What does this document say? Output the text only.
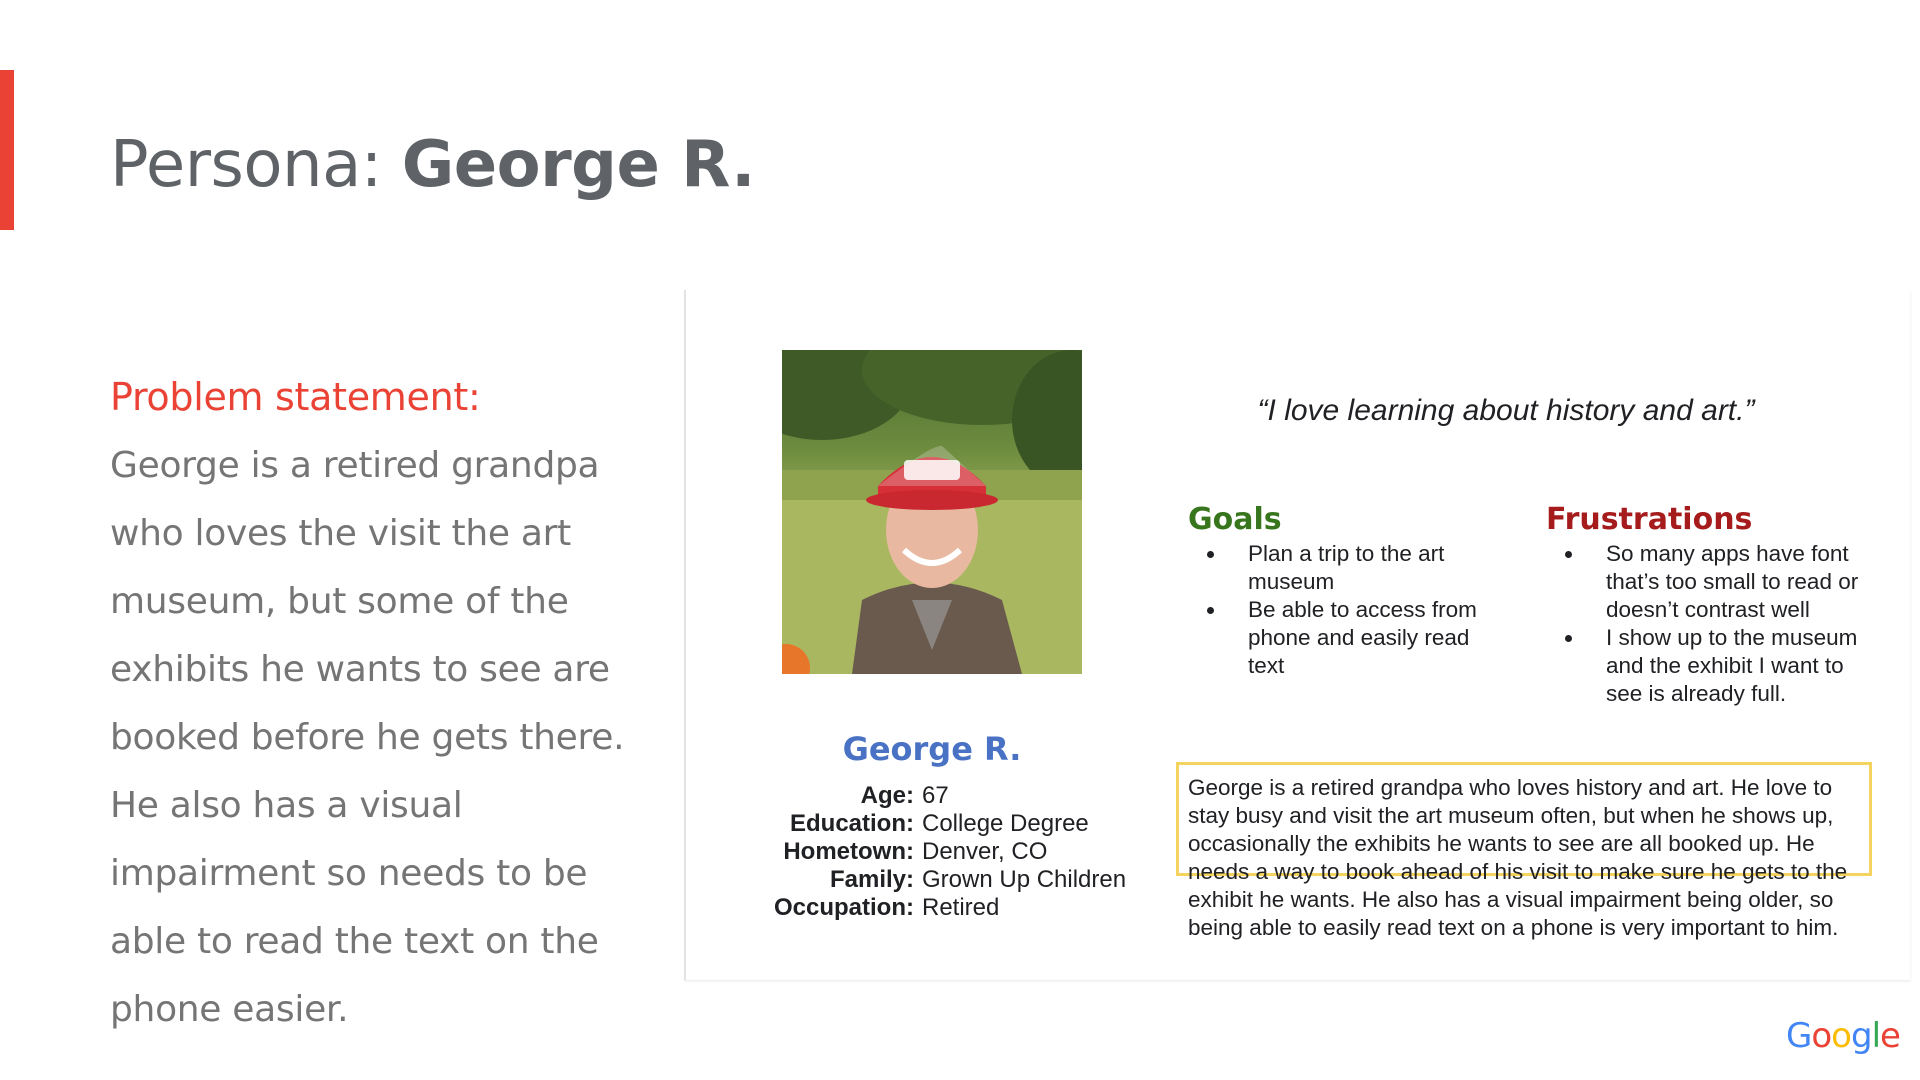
Persona: George R.

Problem statement:

George is a retired grandpa who loves the visit the art museum, but some of the exhibits he wants to see are booked before he gets there. He also has a visual impairment so needs to be able to read the text on the phone easier.

George R.
Age: 67
Education: College Degree
Hometown: Denver, CO
Family: Grown Up Children
Occupation: Retired
“I love learning about history and art.”
Goals
Plan a trip to the art museum
Be able to access from phone and easily read text
Frustrations
So many apps have font that’s too small to read or doesn’t contrast well
I show up to the museum and the exhibit I want to see is already full.

George is a retired grandpa who loves history and art. He love to stay busy and visit the art museum often, but when he shows up, occasionally the exhibits he wants to see are all booked up. He needs a way to book ahead of his visit to make sure he gets to the exhibit he wants. He also has a visual impairment being older, so being able to easily read text on a phone is very important to him.

Google
